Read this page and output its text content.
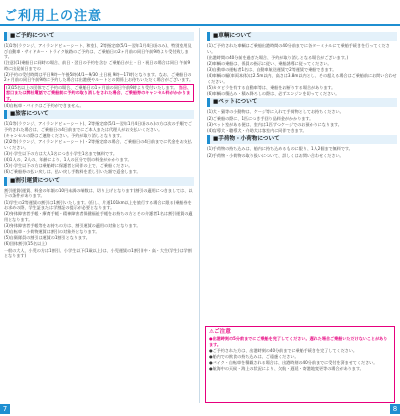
ご利用上の注意
■ご予約について
(1)1等(ラウンジ、アイランドビューシート、和室)、2等指定席(5/1〜翌年1月4日頃のみ)、特別室用及び自動車・サイドカー・トライク航路のご予約は、ご乗船日の2ヶ月前の同日午前9時より受付致します。
(注意)(1)乗船日に同時の場合、前日・翌日の予約を含む ご乗船日が土・日・祝日の場合は同日 午前9時に出発前日までの
(2)予約の受付時間は平日9時〜午後5時(4/1〜9/30 土日祝 9時〜17時)となります。なお、ご乗船日の2ヶ月前の同日午前9時に予約した場合は出港便やルートとの関係上お待ちいただく場合がございます。
(3)15名以上の団体でご予約の場合、ご乗船日の1ヶ月前の同日午前9時より受付いたします。 当日、窓口または弊社電話でご乗船前に予約の取り消しをされた場合、ご乗船券のキャンセル料がかかります。
(4)自転車・バイクはご予約ができません。
■旅客について
(1)1等(ラウンジ、アイランドビューシート)、2等指定席(5/1〜翌年1月4日頃のみ)の方は次の手順でご予約された場合は、ご乗船日の4日前までにご本人または代理人がお支払いください。
(キャンセルの際はご連絡ください。予約が取り消しとなります。
(2)2等(ラウンジ、アイランドビューシート)・2等指定席の場合、ご乗船日の4日前までに代金をお支払いください。
(3)小学生以下の方は大人1名につき小学生1名まで無料です。
(4)1人の、2人の、年齢により、1人の区分で別の料金がかかります。
(5)小学生以下の方は乗船時に保護者と同伴の上で、ご乗船ください。
(6)ご乗船券の払い戻しは、払い戻し手数料を差し引いた額で返金します。
■割引運賃について
割引運賃(運賃、料金の年額の10円未満の端数は、切り上げとなります)割引の適用につきましては、以下の条件があります。
(1)学生の2等運賃の割引は1割引いたします。(但し、片道101km以上を旅行する場合に限る)乗船券をお求めの際、学生証または学割証の提示が必要となります。
(2)身体障害者手帳・療育手帳・精神障害者保健福祉手帳をお持ちの方とその介護者1名は割引運賃の適用となります。
(3)身体障害者手帳等をお持ちの方は、割引運賃の適用の対象となります。
(4)自転車・小荷物運賃は割引の対象外となります。
(5)自衛隊員の割引は運賃の1割引となります。
(6)団体割引(15名以上)
一般の大人、小児の方は1割引、小学生以下(1歳以上)は、小児運賃の1割引(中・高・大生(学生)は学割となります)
■車輌について
(1)ご予約された車輌はご乗船出港時間の40分前までに各ターミナルにて乗船手続きを行ってください。
(出港時間の40分前を過ぎた場合、予約が取り消しとなる場合がございます。)
(2)車輌の乗船は、係員の指示に従い、乗船誘導に従ってください。
(3)自動車の運転者1名は、自動車航送運賃で2等運賃で乗船できます。
(4)車輌の幅(車両本体)は2.5m以内、高さは3.8m以内とし、その超える場合はご乗船前にお問い合わせください。
(5)カタピラを有する自動車等は、乗船をお断りする場合があります。
(6)車輌の積込み・積み降ろしの際は、必ずエンジンを切ってください。
■ペットについて
(1)犬・猫等の小動物は、ケージ等に入れて手荷物としてお持ちください。
(2)ご乗船の際に、1匹につき手回り品料金がかかります。
(3)ペット室がある便は、室内は1匹ずつケージでのお預かりになります。
(4)盲導犬・聴導犬・介助犬は客室内に同伴できます。
■手荷物・小荷物について
(1)手荷物の持ち込みは、船内に持ち込めるものに限り、1人2個まで無料です。
(2)手荷物・小荷物の取り扱いについて、詳しくはお問い合わせください。
⚠ご注意
●出港時刻の5分前までにご乗船を完了してください。遅れた場合ご乗船いただけないことがあります。
●ご予約された方は、出港時刻の40分前までに乗船手続きを完了してください。
●船内での飲食の持ち込みは、ご遠慮ください。
●バイク・自転車を積載される場合は、出港時刻の40分前までに受付を済ませてください。
●航海中の天候・海上の状況により、欠航・遅延・寄港地変更等の場合があります。
7	8
